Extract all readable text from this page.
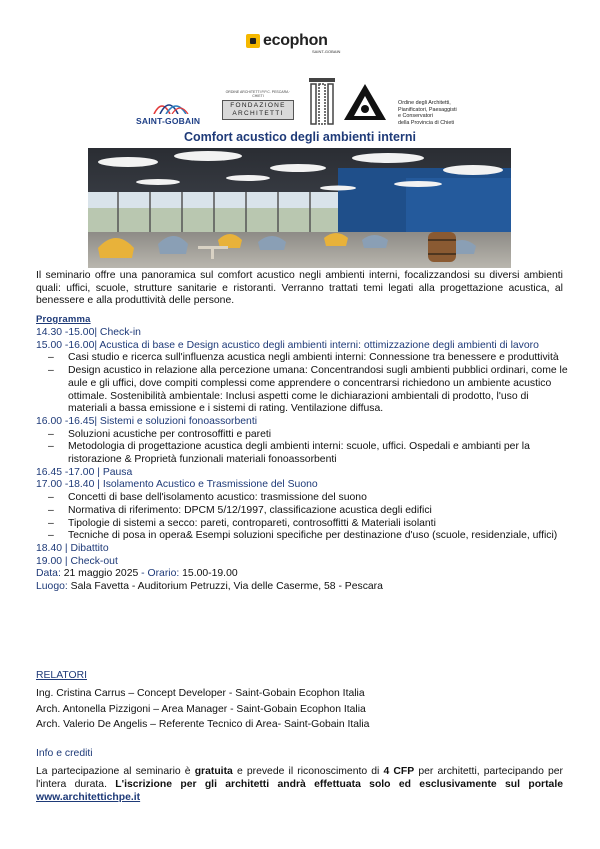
ecophon
SAINT-GOBAIN
SAINT-GOBAIN
ORDINE ARCHITETTI P.P.C. PESCARA · CHIETI
FONDAZIONE ARCHITETTI
Ordine degli Architetti,
Pianificatori, Paesaggisti
e Conservatori
della Provincia di Chieti
Comfort acustico degli ambienti interni
Il seminario offre una panoramica sul comfort acustico negli ambienti interni, focalizzandosi su diversi ambienti quali: uffici, scuole, strutture sanitarie e ristoranti. Verranno trattati temi legati alla progettazione acustica, al benessere e alla produttività delle persone.
Programma
14.30 -15.00| Check-in
15.00 -16.00| Acustica di base e Design acustico degli ambienti interni: ottimizzazione degli ambienti di lavoro
– Casi studio e ricerca sull'influenza acustica negli ambienti interni: Connessione tra benessere e produttività
– Design acustico in relazione alla percezione umana: Concentrandosi sugli ambienti pubblici ordinari, come le aule e gli uffici, dove compiti complessi come apprendere o concentrarsi richiedono un ambiente acustico ottimale. Sostenibilità ambientale: Inclusi aspetti come le dichiarazioni ambientali di prodotto, l'uso di materiali a bassa emissione e i sistemi di rating. Ventilazione diffusa.
16.00 -16.45| Sistemi e soluzioni fonoassorbenti
– Soluzioni acustiche per controsoffitti e pareti
– Metodologia di progettazione acustica degli ambienti interni: scuole, uffici. Ospedali e ambianti per la ristorazione & Proprietà funzionali materiali fonoassorbenti
16.45 -17.00 | Pausa
17.00 -18.40 | Isolamento Acustico e Trasmissione del Suono
– Concetti di base dell'isolamento acustico: trasmissione del suono
– Normativa di riferimento: DPCM 5/12/1997, classificazione acustica degli edifici
– Tipologie di sistemi a secco: pareti, contropareti, controsoffitti & Materiali isolanti
– Tecniche di posa in opera& Esempi soluzioni specifiche per destinazione d'uso (scuole, residenziale, uffici)
18.40 | Dibattito
19.00 | Check-out
Data: 21 maggio 2025 - Orario: 15.00-19.00
Luogo: Sala Favetta - Auditorium Petruzzi, Via delle Caserme, 58 - Pescara
RELATORI
Ing. Cristina Carrus – Concept Developer - Saint-Gobain Ecophon Italia
Arch. Antonella Pizzigoni – Area Manager - Saint-Gobain Ecophon Italia
Arch. Valerio De Angelis – Referente Tecnico di Area- Saint-Gobain Italia
Info e crediti
La partecipazione al seminario è gratuita e prevede il riconoscimento di 4 CFP per architetti, partecipando per l'intera durata. L'iscrizione per gli architetti andrà effettuata solo ed esclusivamente sul portale www.architettichpe.it
